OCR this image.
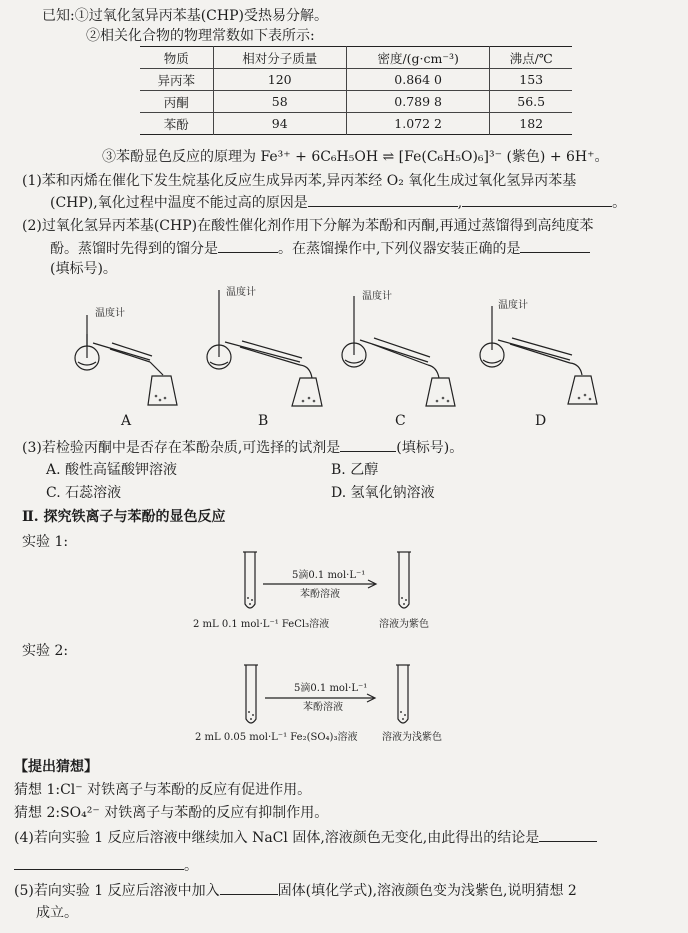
已知:①过氧化氢异丙苯基(CHP)受热易分解。
②相关化合物的物理常数如下表所示:
物质	相对分子质量	密度/(g·cm⁻³)	沸点/℃
异丙苯	120	0.864 0	153
丙酮	58	0.789 8	56.5
苯酚	94	1.072 2	182
③苯酚显色反应的原理为 Fe³⁺ + 6C₆H₅OH ⇌ [Fe(C₆H₅O)₆]³⁻ (紫色) + 6H⁺。
(1)苯和丙烯在催化下发生烷基化反应生成异丙苯,异丙苯经 O₂ 氧化生成过氧化氢异丙苯基
(CHP),氧化过程中温度不能过高的原因是	,	。
(2)过氧化氢异丙苯基(CHP)在酸性催化剂作用下分解为苯酚和丙酮,再通过蒸馏得到高纯度苯
酚。蒸馏时先得到的馏分是	。在蒸馏操作中,下列仪器安装正确的是
(填标号)。
温度计
温度计	温度计
温度计
A	B	C	D
(3)若检验丙酮中是否存在苯酚杂质,可选择的试剂是	(填标号)。
A. 酸性高锰酸钾溶液	B. 乙醇
C. 石蕊溶液	D. 氢氧化钠溶液
Ⅱ. 探究铁离子与苯酚的显色反应
实验 1:
5滴0.1 mol·L⁻¹
苯酚溶液
2 mL 0.1 mol·L⁻¹ FeCl₃溶液	溶液为紫色
实验 2:
5滴0.1 mol·L⁻¹
苯酚溶液
2 mL 0.05 mol·L⁻¹ Fe₂(SO₄)₃溶液 溶液为浅紫色
【提出猜想】
猜想 1:Cl⁻ 对铁离子与苯酚的反应有促进作用。
猜想 2:SO₄²⁻ 对铁离子与苯酚的反应有抑制作用。
(4)若向实验 1 反应后溶液中继续加入 NaCl 固体,溶液颜色无变化,由此得出的结论是
。
(5)若向实验 1 反应后溶液中加入	固体(填化学式),溶液颜色变为浅紫色,说明猜想 2
成立。
